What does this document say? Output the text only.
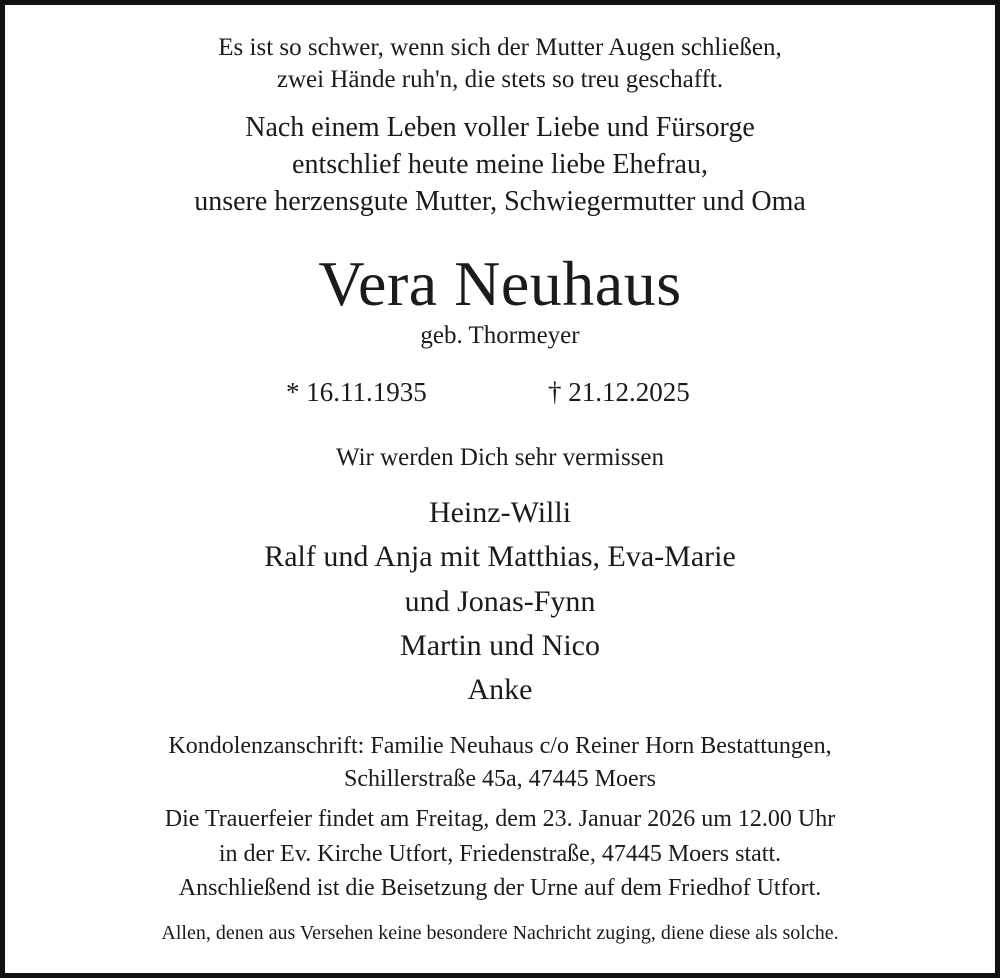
Es ist so schwer, wenn sich der Mutter Augen schließen,
zwei Hände ruh'n, die stets so treu geschafft.
Nach einem Leben voller Liebe und Fürsorge
entschlief heute meine liebe Ehefrau,
unsere herzensgute Mutter, Schwiegermutter und Oma
Vera Neuhaus
geb. Thormeyer
* 16.11.1935	† 21.12.2025
Wir werden Dich sehr vermissen
Heinz-Willi
Ralf und Anja mit Matthias, Eva-Marie
und Jonas-Fynn
Martin und Nico
Anke
Kondolenzanschrift: Familie Neuhaus c/o Reiner Horn Bestattungen,
Schillerstraße 45a, 47445 Moers
Die Trauerfeier findet am Freitag, dem 23. Januar 2026 um 12.00 Uhr
in der Ev. Kirche Utfort, Friedenstraße, 47445 Moers statt.
Anschließend ist die Beisetzung der Urne auf dem Friedhof Utfort.
Allen, denen aus Versehen keine besondere Nachricht zuging, diene diese als solche.
